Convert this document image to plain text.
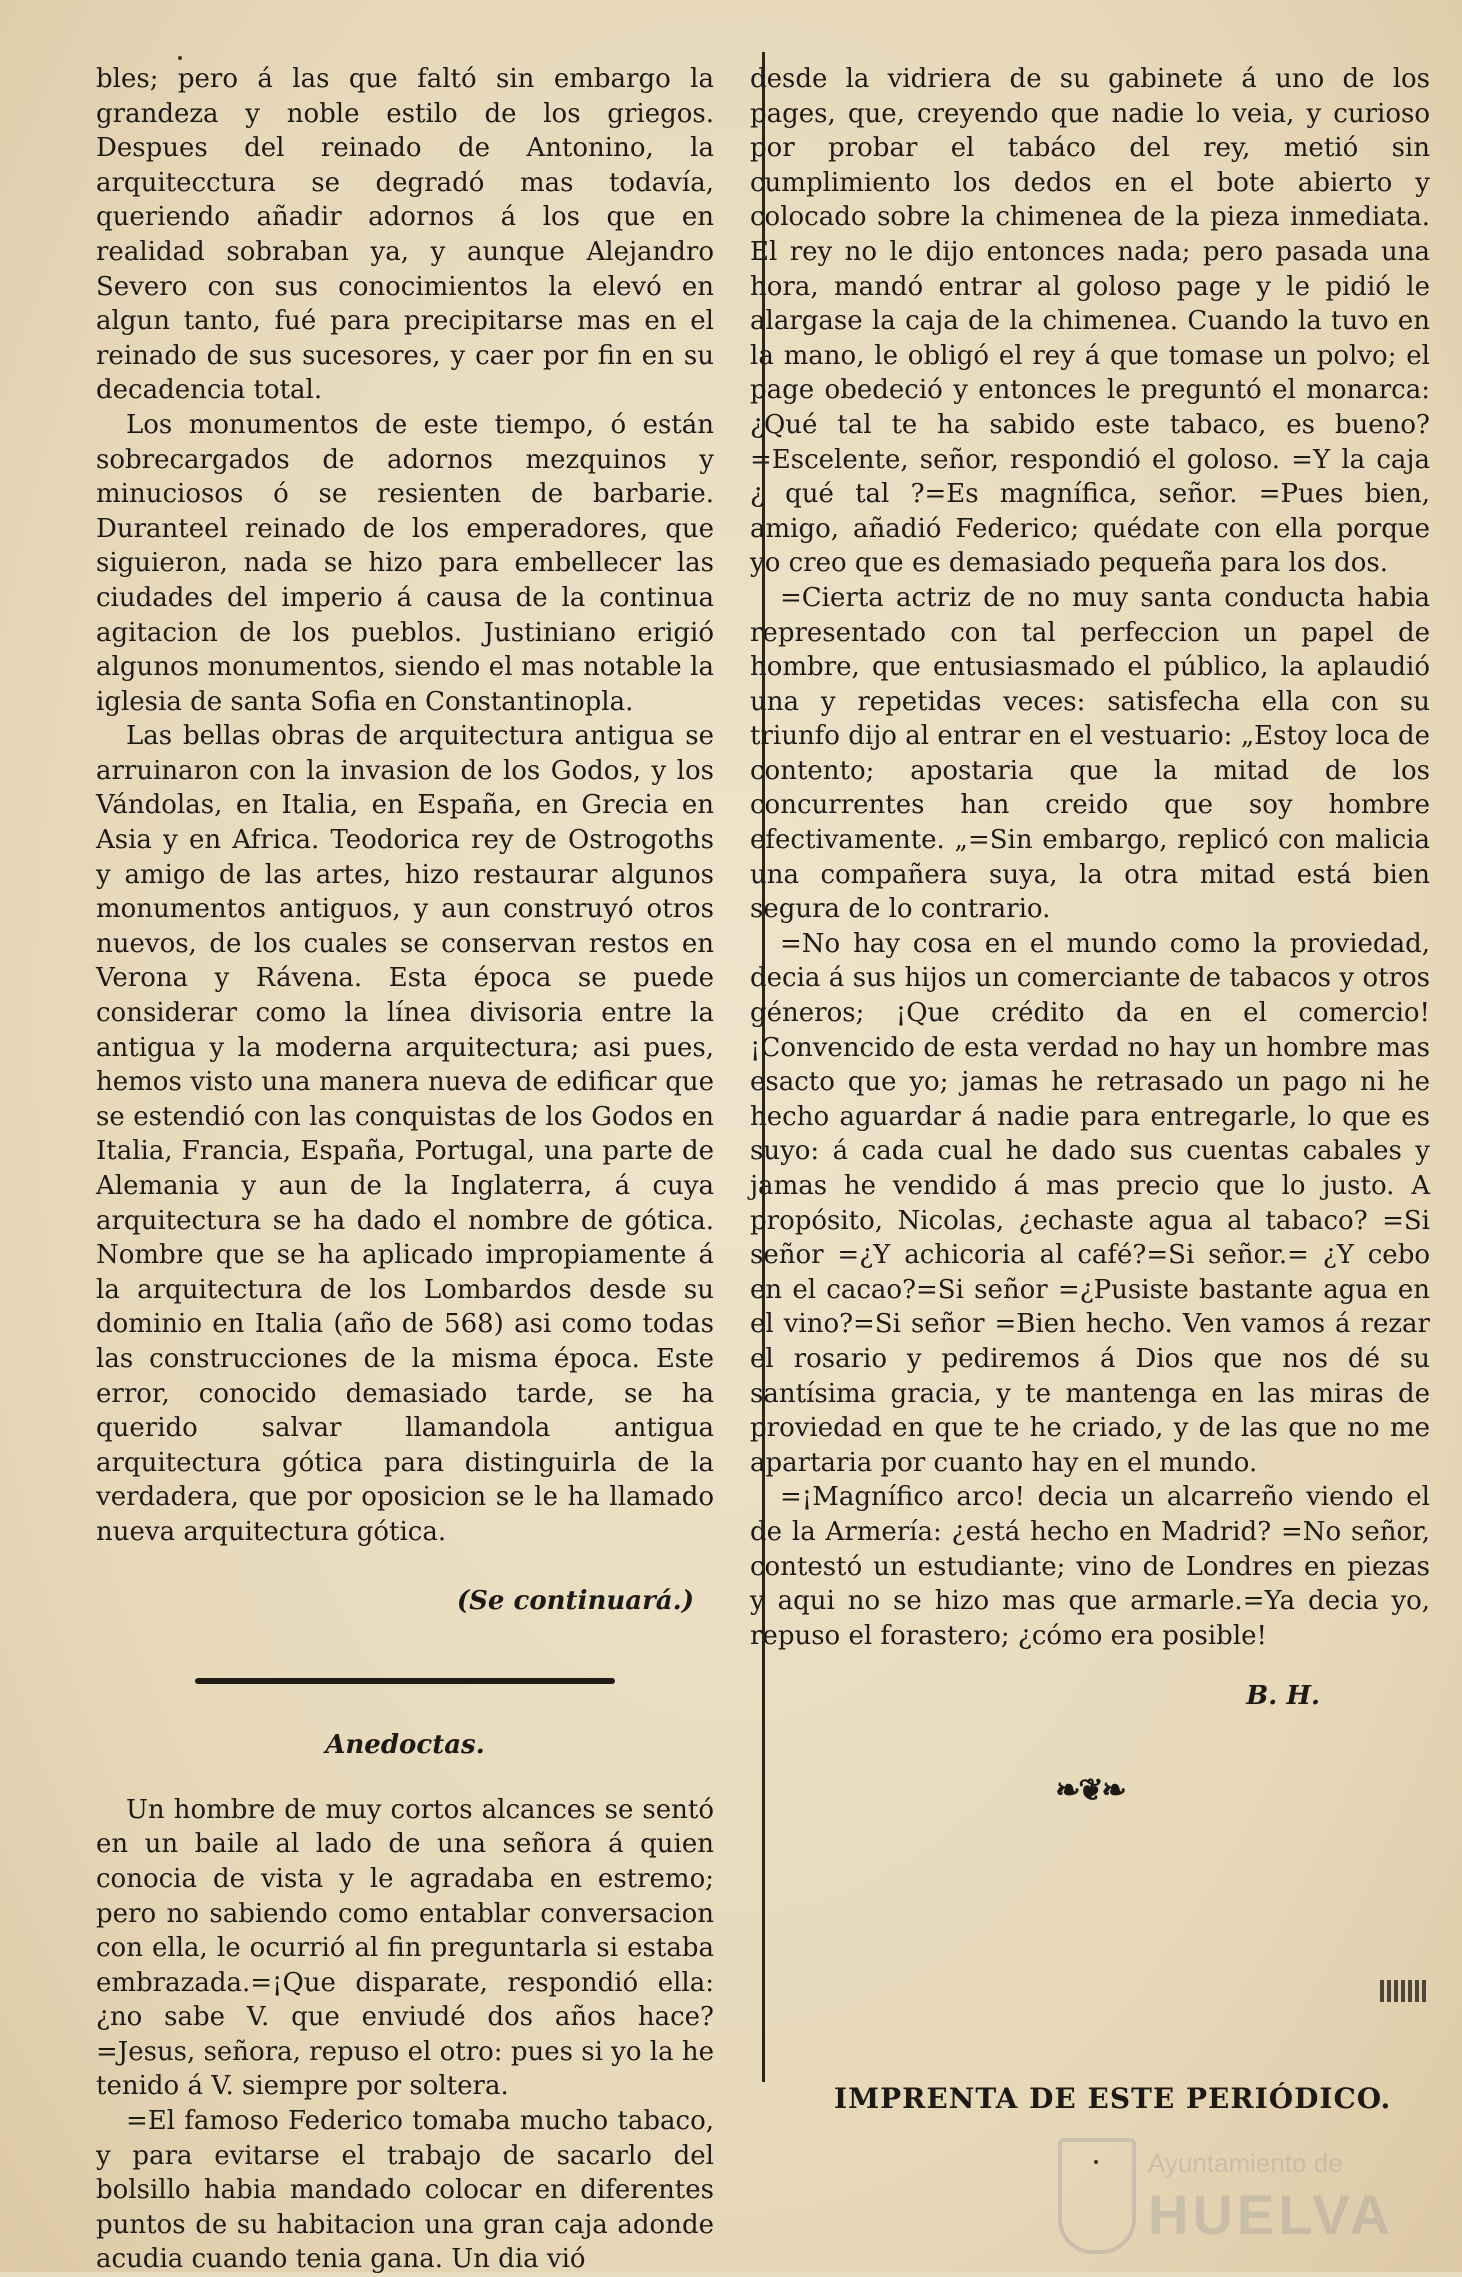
bles; pero á las que faltó sin embargo la grandeza y noble estilo de los griegos. Despues del reinado de Antonino, la arquitecctura se degradó mas todavía, queriendo añadir adornos á los que en realidad sobraban ya, y aunque Alejandro Severo con sus conocimientos la elevó en algun tanto, fué para precipitarse mas en el reinado de sus sucesores, y caer por fin en su decadencia total.

Los monumentos de este tiempo, ó están sobrecargados de adornos mezquinos y minuciosos ó se resienten de barbarie. Duranteel reinado de los emperadores, que siguieron, nada se hizo para embellecer las ciudades del imperio á causa de la continua agitacion de los pueblos. Justiniano erigió algunos monumentos, siendo el mas notable la iglesia de santa Sofia en Constantinopla.

Las bellas obras de arquitectura antigua se arruinaron con la invasion de los Godos, y los Vándolas, en Italia, en España, en Grecia en Asia y en Africa. Teodorica rey de Ostrogoths y amigo de las artes, hizo restaurar algunos monumentos antiguos, y aun construyó otros nuevos, de los cuales se conservan restos en Verona y Rávena. Esta época se puede considerar como la línea divisoria entre la antigua y la moderna arquitectura; asi pues, hemos visto una manera nueva de edificar que se estendió con las conquistas de los Godos en Italia, Francia, España, Portugal, una parte de Alemania y aun de la Inglaterra, á cuya arquitectura se ha dado el nombre de gótica. Nombre que se ha aplicado impropiamente á la arquitectura de los Lombardos desde su dominio en Italia (año de 568) asi como todas las construcciones de la misma época. Este error, conocido demasiado tarde, se ha querido salvar llamandola antigua arquitectura gótica para distinguirla de la verdadera, que por oposicion se le ha llamado nueva arquitectura gótica.

(Se continuará.)
Anedoctas.

Un hombre de muy cortos alcances se sentó en un baile al lado de una señora á quien conocia de vista y le agradaba en estremo; pero no sabiendo como entablar conversacion con ella, le ocurrió al fin preguntarla si estaba embrazada.=¡Que disparate, respondió ella: ¿no sabe V. que enviudé dos años hace? =Jesus, señora, repuso el otro: pues si yo la he tenido á V. siempre por soltera.

=El famoso Federico tomaba mucho tabaco, y para evitarse el trabajo de sacarlo del bolsillo habia mandado colocar en diferentes puntos de su habitacion una gran caja adonde acudia cuando tenia gana. Un dia vió

desde la vidriera de su gabinete á uno de los pages, que, creyendo que nadie lo veia, y curioso por probar el tabáco del rey, metió sin cumplimiento los dedos en el bote abierto y colocado sobre la chimenea de la pieza inmediata. El rey no le dijo entonces nada; pero pasada una hora, mandó entrar al goloso page y le pidió le alargase la caja de la chimenea. Cuando la tuvo en la mano, le obligó el rey á que tomase un polvo; el page obedeció y entonces le preguntó el monarca: ¿Qué tal te ha sabido este tabaco, es bueno?=Escelente, señor, respondió el goloso. =Y la caja ¿ qué tal ?=Es magnífica, señor. =Pues bien, amigo, añadió Federico; quédate con ella porque yo creo que es demasiado pequeña para los dos.

=Cierta actriz de no muy santa conducta habia representado con tal perfeccion un papel de hombre, que entusiasmado el público, la aplaudió una y repetidas veces: satisfecha ella con su triunfo dijo al entrar en el vestuario: „Estoy loca de contento; apostaria que la mitad de los concurrentes han creido que soy hombre efectivamente. „=Sin embargo, replicó con malicia una compañera suya, la otra mitad está bien segura de lo contrario.

=No hay cosa en el mundo como la proviedad, decia á sus hijos un comerciante de tabacos y otros géneros; ¡Que crédito da en el comercio! ¡Convencido de esta verdad no hay un hombre mas esacto que yo; jamas he retrasado un pago ni he hecho aguardar á nadie para entregarle, lo que es suyo: á cada cual he dado sus cuentas cabales y jamas he vendido á mas precio que lo justo. A propósito, Nicolas, ¿echaste agua al tabaco? =Si señor =¿Y achicoria al café?=Si señor.= ¿Y cebo en el cacao?=Si señor =¿Pusiste bastante agua en el vino?=Si señor =Bien hecho. Ven vamos á rezar el rosario y pediremos á Dios que nos dé su santísima gracia, y te mantenga en las miras de proviedad en que te he criado, y de las que no me apartaria por cuanto hay en el mundo.

=¡Magnífico arco! decia un alcarreño viendo el de la Armería: ¿está hecho en Madrid? =No señor, contestó un estudiante; vino de Londres en piezas y aqui no se hizo mas que armarle.=Ya decia yo, repuso el forastero; ¿cómo era posible!

B. H.
❧❦❧
IMPRENTA DE ESTE PERIÓDICO.
Ayuntamiento de
HUELVA
